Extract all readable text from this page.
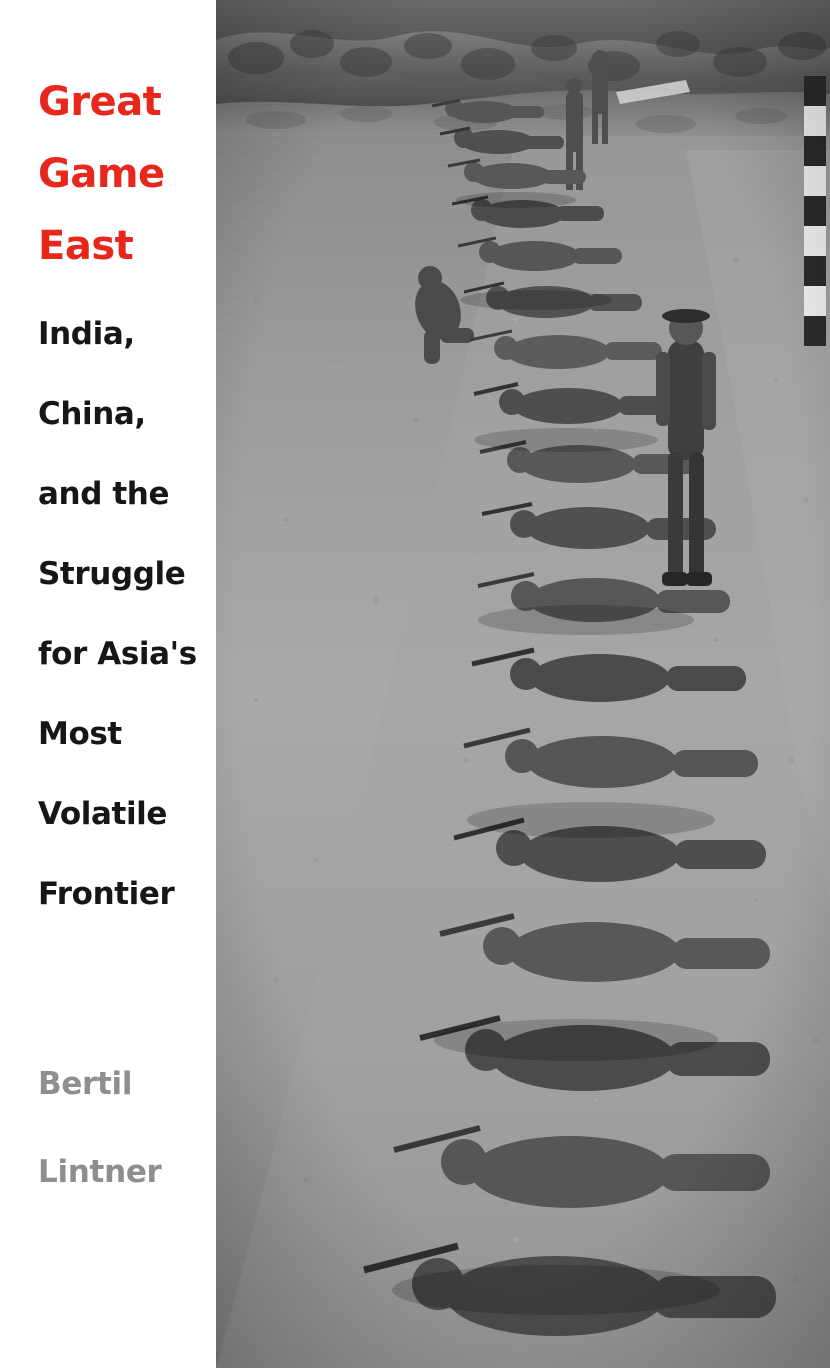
Great
Game
East
India,
China,
and the
Struggle
for Asia's
Most
Volatile
Frontier
Bertil
Lintner
